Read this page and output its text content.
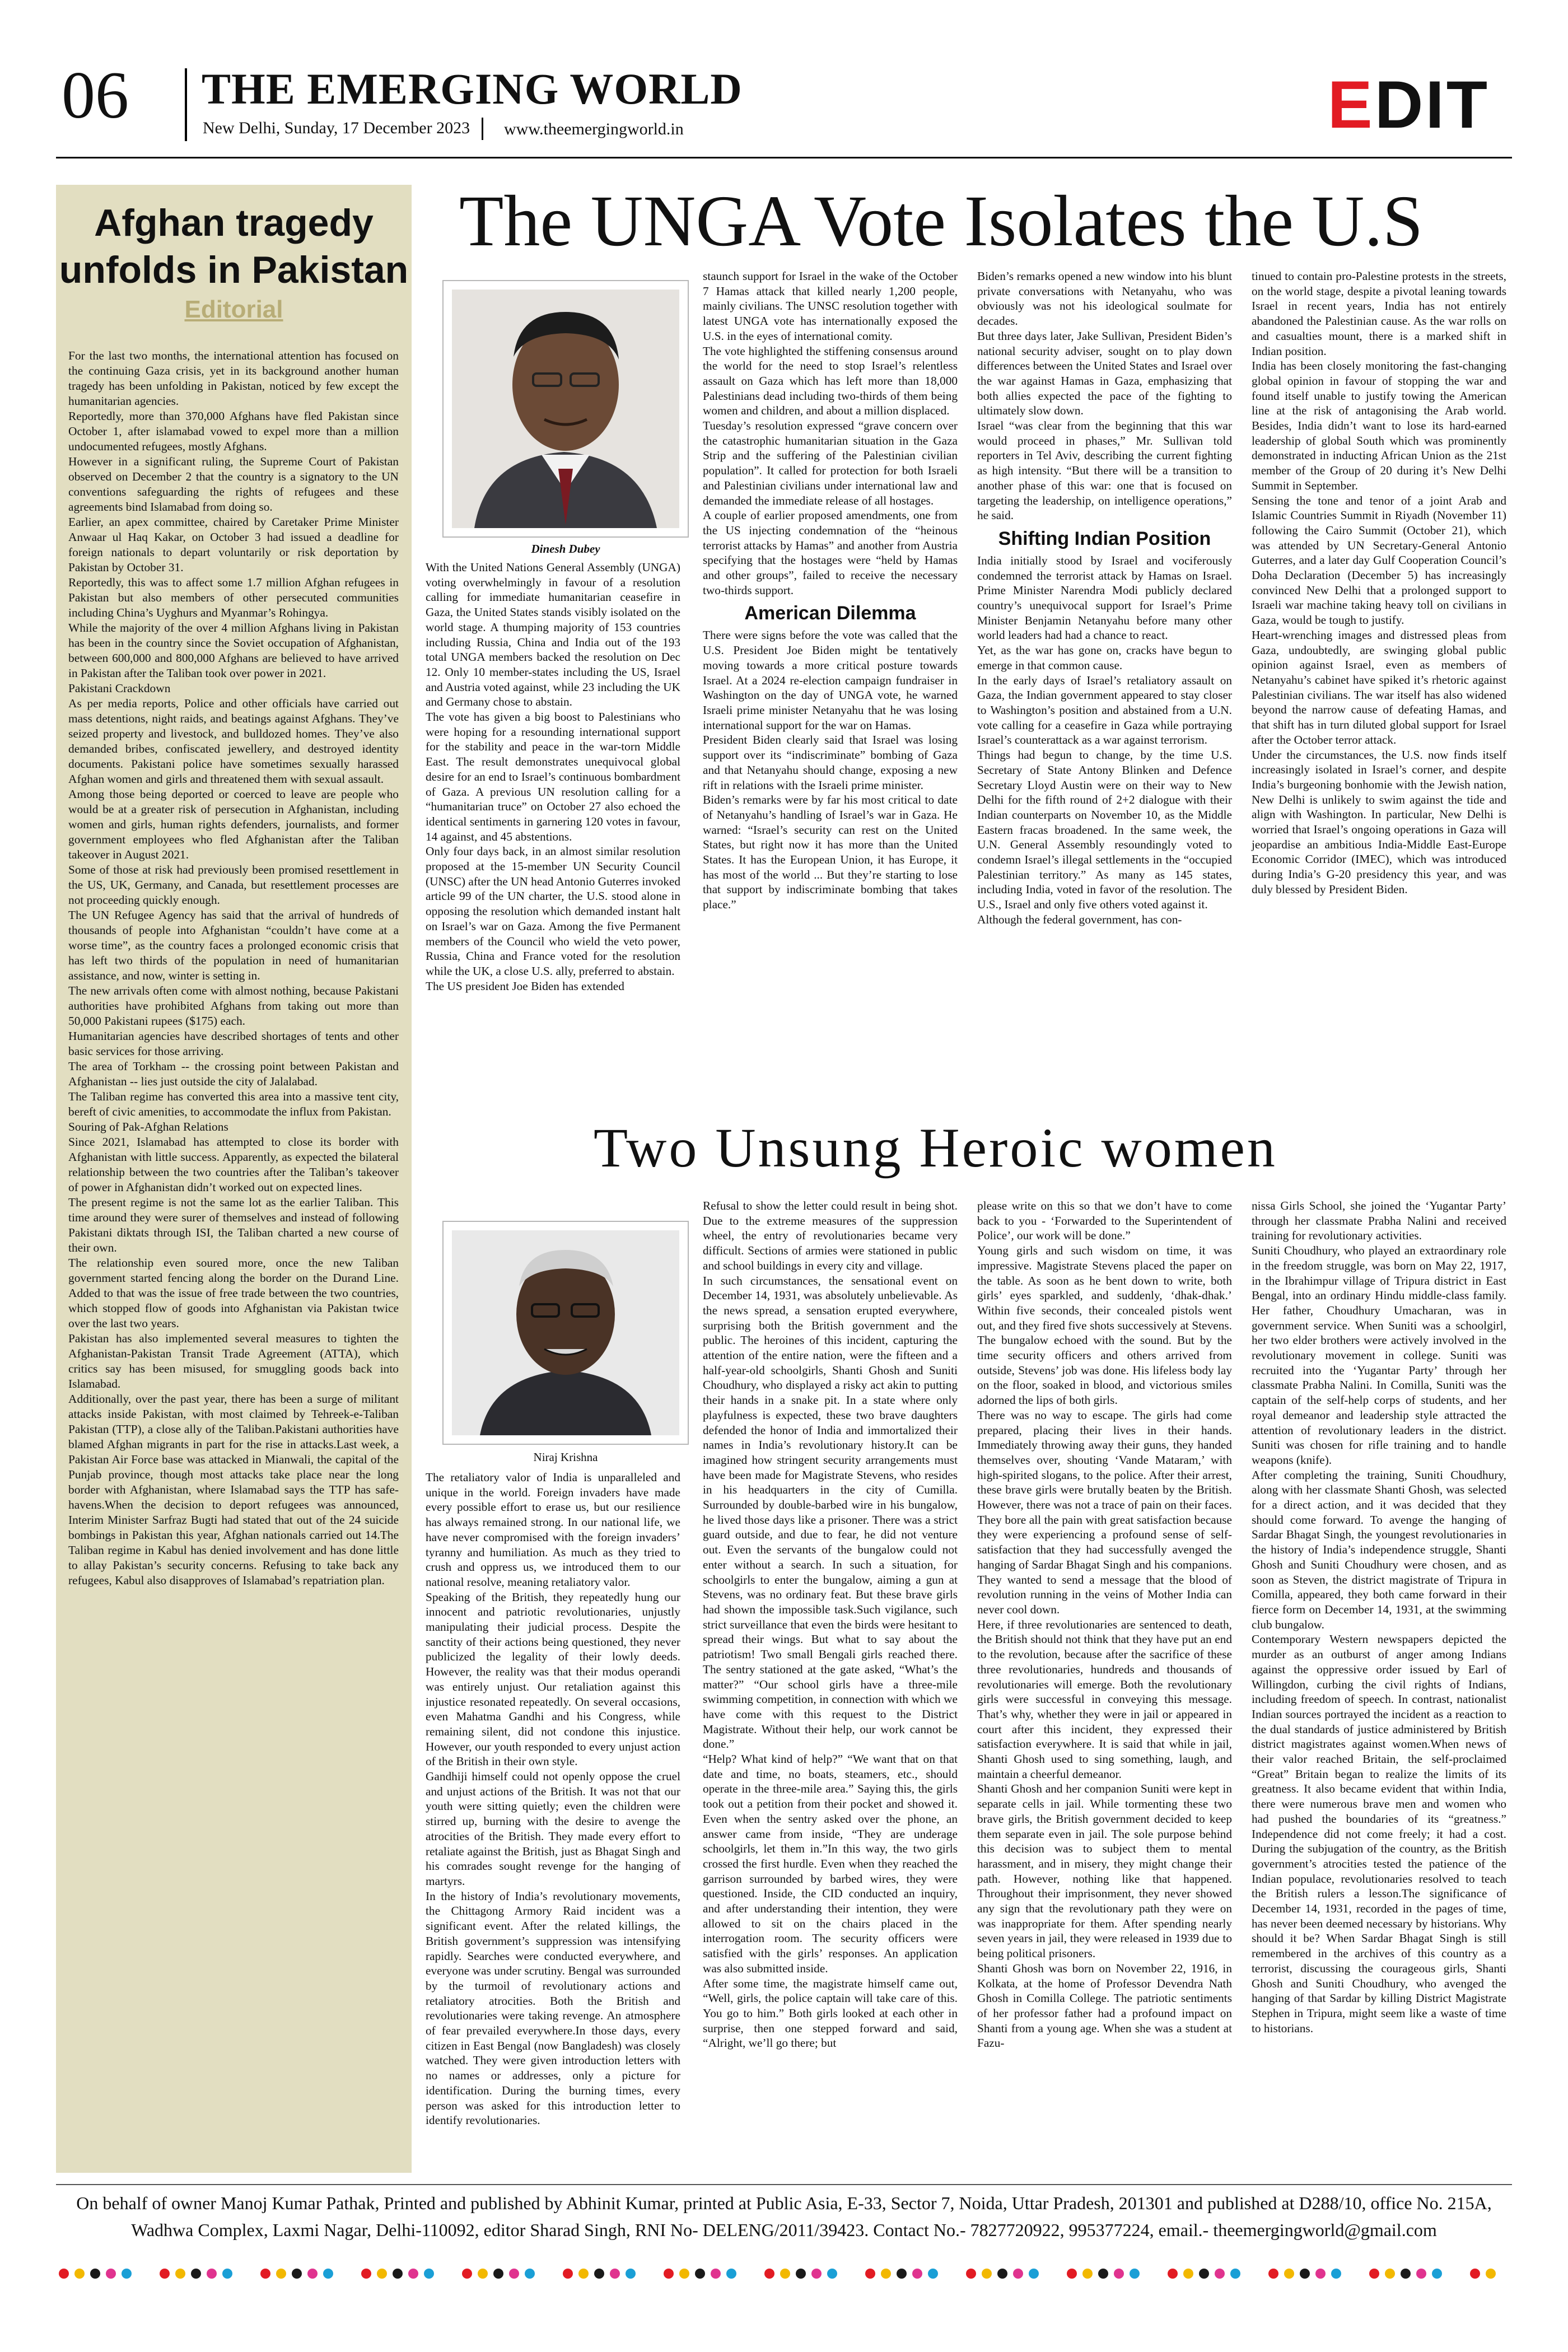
06 THE EMERGING WORLD
New Delhi, Sunday, 17 December 2023 www.theemergingworld.in	EDIT
Afghan tragedy unfolds in Pakistan
Editorial

For the last two months, the international attention has focused on the continuing Gaza crisis, yet in its background another human tragedy has been unfolding in Pakistan, noticed by few except the humanitarian agencies.

Reportedly, more than 370,000 Afghans have fled Pakistan since October 1, after islamabad vowed to expel more than a million undocumented refugees, mostly Afghans.

However in a significant ruling, the Supreme Court of Pakistan observed on December 2 that the country is a signatory to the UN conventions safeguarding the rights of refugees and these agreements bind Islamabad from doing so.

Earlier, an apex committee, chaired by Caretaker Prime Minister Anwaar ul Haq Kakar, on October 3 had issued a deadline for foreign nationals to depart voluntarily or risk deportation by Pakistan by October 31.

Reportedly, this was to affect some 1.7 million Afghan refugees in Pakistan but also members of other persecuted communities including China’s Uyghurs and Myanmar’s Rohingya.

While the majority of the over 4 million Afghans living in Pakistan has been in the country since the Soviet occupation of Afghanistan, between 600,000 and 800,000 Afghans are believed to have arrived in Pakistan after the Taliban took over power in 2021.

Pakistani Crackdown

As per media reports, Police and other officials have carried out mass detentions, night raids, and beatings against Afghans. They’ve seized property and livestock, and bulldozed homes. They’ve also demanded bribes, confiscated jewellery, and destroyed identity documents. Pakistani police have sometimes sexually harassed Afghan women and girls and threatened them with sexual assault.

Among those being deported or coerced to leave are people who would be at a greater risk of persecution in Afghanistan, including women and girls, human rights defenders, journalists, and former government employees who fled Afghanistan after the Taliban takeover in August 2021.

Some of those at risk had previously been promised resettlement in the US, UK, Germany, and Canada, but resettlement processes are not proceeding quickly enough.

The UN Refugee Agency has said that the arrival of hundreds of thousands of people into Afghanistan “couldn’t have come at a worse time”, as the country faces a prolonged economic crisis that has left two thirds of the population in need of humanitarian assistance, and now, winter is setting in.

The new arrivals often come with almost nothing, because Pakistani authorities have prohibited Afghans from taking out more than 50,000 Pakistani rupees ($175) each.

Humanitarian agencies have described shortages of tents and other basic services for those arriving.

The area of Torkham -- the crossing point between Pakistan and Afghanistan -- lies just outside the city of Jalalabad.

The Taliban regime has converted this area into a massive tent city, bereft of civic amenities, to accommodate the influx from Pakistan.

Souring of Pak-Afghan Relations

Since 2021, Islamabad has attempted to close its border with Afghanistan with little success. Apparently, as expected the bilateral relationship between the two countries after the Taliban’s takeover of power in Afghanistan didn’t worked out on expected lines.

The present regime is not the same lot as the earlier Taliban. This time around they were surer of themselves and instead of following Pakistani diktats through ISI, the Taliban charted a new course of their own.

The relationship even soured more, once the new Taliban government started fencing along the border on the Durand Line. Added to that was the issue of free trade between the two countries, which stopped flow of goods into Afghanistan via Pakistan twice over the last two years.

Pakistan has also implemented several measures to tighten the Afghanistan-Pakistan Transit Trade Agreement (ATTA), which critics say has been misused, for smuggling goods back into Islamabad.

Additionally, over the past year, there has been a surge of militant attacks inside Pakistan, with most claimed by Tehreek-e-Taliban Pakistan (TTP), a close ally of the Taliban.Pakistani authorities have blamed Afghan migrants in part for the rise in attacks.Last week, a Pakistan Air Force base was attacked in Mianwali, the capital of the Punjab province, though most attacks take place near the long border with Afghanistan, where Islamabad says the TTP has safe-havens.When the decision to deport refugees was announced, Interim Minister Sarfraz Bugti had stated that out of the 24 suicide bombings in Pakistan this year, Afghan nationals carried out 14.The Taliban regime in Kabul has denied involvement and has done little to allay Pakistan’s security concerns. Refusing to take back any refugees, Kabul also disapproves of Islamabad’s repatriation plan.

The UNGA Vote Isolates the U.S
Dinesh Dubey

With the United Nations General Assembly (UNGA) voting overwhelmingly in favour of a resolution calling for immediate humanitarian ceasefire in Gaza, the United States stands visibly isolated on the world stage. A thumping majority of 153 countries including Russia, China and India out of the 193 total UNGA members backed the resolution on Dec 12. Only 10 member-states including the US, Israel and Austria voted against, while 23 including the UK and Germany chose to abstain.

The vote has given a big boost to Palestinians who were hoping for a resounding international support for the stability and peace in the war-torn Middle East. The result demonstrates unequivocal global desire for an end to Israel’s continuous bombardment of Gaza. A previous UN resolution calling for a “humanitarian truce” on October 27 also echoed the identical sentiments in garnering 120 votes in favour, 14 against, and 45 abstentions.

Only four days back, in an almost similar resolution proposed at the 15-member UN Security Council (UNSC) after the UN head Antonio Guterres invoked article 99 of the UN charter, the U.S. stood alone in opposing the resolution which demanded instant halt on Israel’s war on Gaza. Among the five Permanent members of the Council who wield the veto power, Russia, China and France voted for the resolution while the UK, a close U.S. ally, preferred to abstain.

The US president Joe Biden has extended

staunch support for Israel in the wake of the October 7 Hamas attack that killed nearly 1,200 people, mainly civilians. The UNSC resolution together with latest UNGA vote has internationally exposed the U.S. in the eyes of international comity.

The vote highlighted the stiffening consensus around the world for the need to stop Israel’s relentless assault on Gaza which has left more than 18,000 Palestinians dead including two-thirds of them being women and children, and about a million displaced.

Tuesday’s resolution expressed “grave concern over the catastrophic humanitarian situation in the Gaza Strip and the suffering of the Palestinian civilian population”. It called for protection for both Israeli and Palestinian civilians under international law and demanded the immediate release of all hostages.

A couple of earlier proposed amendments, one from the US injecting condemnation of the “heinous terrorist attacks by Hamas” and another from Austria specifying that the hostages were “held by Hamas and other groups”, failed to receive the necessary two-thirds support.

American Dilemma

There were signs before the vote was called that the U.S. President Joe Biden might be tentatively moving towards a more critical posture towards Israel. At a 2024 re-election campaign fundraiser in Washington on the day of UNGA vote, he warned Israeli prime minister Netanyahu that he was losing international support for the war on Hamas.

President Biden clearly said that Israel was losing support over its “indiscriminate” bombing of Gaza and that Netanyahu should change, exposing a new rift in relations with the Israeli prime minister.

Biden’s remarks were by far his most critical to date of Netanyahu’s handling of Israel’s war in Gaza. He warned: “Israel’s security can rest on the United States, but right now it has more than the United States. It has the European Union, it has Europe, it has most of the world ... But they’re starting to lose that support by indiscriminate bombing that takes place.”

Biden’s remarks opened a new window into his blunt private conversations with Netanyahu, who was obviously was not his ideological soulmate for decades.

But three days later, Jake Sullivan, President Biden’s national security adviser, sought on to play down differences between the United States and Israel over the war against Hamas in Gaza, emphasizing that both allies expected the pace of the fighting to ultimately slow down.

Israel “was clear from the beginning that this war would proceed in phases,” Mr. Sullivan told reporters in Tel Aviv, describing the current fighting as high intensity. “But there will be a transition to another phase of this war: one that is focused on targeting the leadership, on intelligence operations,” he said.

Shifting Indian Position

India initially stood by Israel and vociferously condemned the terrorist attack by Hamas on Israel. Prime Minister Narendra Modi publicly declared country’s unequivocal support for Israel’s Prime Minister Benjamin Netanyahu before many other world leaders had had a chance to react.

Yet, as the war has gone on, cracks have begun to emerge in that common cause.

In the early days of Israel’s retaliatory assault on Gaza, the Indian government appeared to stay closer to Washington’s position and abstained from a U.N. vote calling for a ceasefire in Gaza while portraying Israel’s counterattack as a war against terrorism.

Things had begun to change, by the time U.S. Secretary of State Antony Blinken and Defence Secretary Lloyd Austin were on their way to New Delhi for the fifth round of 2+2 dialogue with their Indian counterparts on November 10, as the Middle Eastern fracas broadened. In the same week, the U.N. General Assembly resoundingly voted to condemn Israel’s illegal settlements in the “occupied Palestinian territory.” As many as 145 states, including India, voted in favor of the resolution. The U.S., Israel and only five others voted against it.

Although the federal government, has con-

tinued to contain pro-Palestine protests in the streets, on the world stage, despite a pivotal leaning towards Israel in recent years, India has not entirely abandoned the Palestinian cause. As the war rolls on and casualties mount, there is a marked shift in Indian position.

India has been closely monitoring the fast-changing global opinion in favour of stopping the war and found itself unable to justify towing the American line at the risk of antagonising the Arab world. Besides, India didn’t want to lose its hard-earned leadership of global South which was prominently demonstrated in inducting African Union as the 21st member of the Group of 20 during it’s New Delhi Summit in September.

Sensing the tone and tenor of a joint Arab and Islamic Countries Summit in Riyadh (November 11) following the Cairo Summit (October 21), which was attended by UN Secretary-General Antonio Guterres, and a later day Gulf Cooperation Council’s Doha Declaration (December 5) has increasingly convinced New Delhi that a prolonged support to Israeli war machine taking heavy toll on civilians in Gaza, would be tough to justify.

Heart-wrenching images and distressed pleas from Gaza, undoubtedly, are swinging global public opinion against Israel, even as members of Netanyahu’s cabinet have spiked it’s rhetoric against Palestinian civilians. The war itself has also widened beyond the narrow cause of defeating Hamas, and that shift has in turn diluted global support for Israel after the October terror attack.

Under the circumstances, the U.S. now finds itself increasingly isolated in Israel’s corner, and despite India’s burgeoning bonhomie with the Jewish nation, New Delhi is unlikely to swim against the tide and align with Washington. In particular, New Delhi is worried that Israel’s ongoing operations in Gaza will jeopardise an ambitious India-Middle East-Europe Economic Corridor (IMEC), which was introduced during India’s G-20 presidency this year, and was duly blessed by President Biden.

Two Unsung Heroic women
Niraj Krishna

The retaliatory valor of India is unparalleled and unique in the world. Foreign invaders have made every possible effort to erase us, but our resilience has always remained strong. In our national life, we have never compromised with the foreign invaders’ tyranny and humiliation. As much as they tried to crush and oppress us, we introduced them to our national resolve, meaning retaliatory valor.

Speaking of the British, they repeatedly hung our innocent and patriotic revolutionaries, unjustly manipulating their judicial process. Despite the sanctity of their actions being questioned, they never publicized the legality of their lowly deeds. However, the reality was that their modus operandi was entirely unjust. Our retaliation against this injustice resonated repeatedly. On several occasions, even Mahatma Gandhi and his Congress, while remaining silent, did not condone this injustice. However, our youth responded to every unjust action of the British in their own style.

Gandhiji himself could not openly oppose the cruel and unjust actions of the British. It was not that our youth were sitting quietly; even the children were stirred up, burning with the desire to avenge the atrocities of the British. They made every effort to retaliate against the British, just as Bhagat Singh and his comrades sought revenge for the hanging of martyrs.

In the history of India’s revolutionary movements, the Chittagong Armory Raid incident was a significant event. After the related killings, the British government’s suppression was intensifying rapidly. Searches were conducted everywhere, and everyone was under scrutiny. Bengal was surrounded by the turmoil of revolutionary actions and retaliatory atrocities. Both the British and revolutionaries were taking revenge. An atmosphere of fear prevailed everywhere.In those days, every citizen in East Bengal (now Bangladesh) was closely watched. They were given introduction letters with no names or addresses, only a picture for identification. During the burning times, every person was asked for this introduction letter to identify revolutionaries.

Refusal to show the letter could result in being shot. Due to the extreme measures of the suppression wheel, the entry of revolutionaries became very difficult. Sections of armies were stationed in public and school buildings in every city and village.

In such circumstances, the sensational event on December 14, 1931, was absolutely unbelievable. As the news spread, a sensation erupted everywhere, surprising both the British government and the public. The heroines of this incident, capturing the attention of the entire nation, were the fifteen and a half-year-old schoolgirls, Shanti Ghosh and Suniti Choudhury, who displayed a risky act akin to putting their hands in a snake pit. In a state where only playfulness is expected, these two brave daughters defended the honor of India and immortalized their names in India’s revolutionary history.It can be imagined how stringent security arrangements must have been made for Magistrate Stevens, who resides in his headquarters in the city of Cumilla. Surrounded by double-barbed wire in his bungalow, he lived those days like a prisoner. There was a strict guard outside, and due to fear, he did not venture out. Even the servants of the bungalow could not enter without a search. In such a situation, for schoolgirls to enter the bungalow, aiming a gun at Stevens, was no ordinary feat. But these brave girls had shown the impossible task.Such vigilance, such strict surveillance that even the birds were hesitant to spread their wings. But what to say about the patriotism! Two small Bengali girls reached there. The sentry stationed at the gate asked, “What’s the matter?” “Our school girls have a three-mile swimming competition, in connection with which we have come with this request to the District Magistrate. Without their help, our work cannot be done.”

“Help? What kind of help?” “We want that on that date and time, no boats, steamers, etc., should operate in the three-mile area.” Saying this, the girls took out a petition from their pocket and showed it. Even when the sentry asked over the phone, an answer came from inside, “They are underage schoolgirls, let them in.”In this way, the two girls crossed the first hurdle. Even when they reached the garrison surrounded by barbed wires, they were questioned. Inside, the CID conducted an inquiry, and after understanding their intention, they were allowed to sit on the chairs placed in the interrogation room. The security officers were satisfied with the girls’ responses. An application was also submitted inside.

After some time, the magistrate himself came out, “Well, girls, the police captain will take care of this. You go to him.” Both girls looked at each other in surprise, then one stepped forward and said, “Alright, we’ll go there; but

please write on this so that we don’t have to come back to you - ‘Forwarded to the Superintendent of Police’, our work will be done.”

Young girls and such wisdom on time, it was impressive. Magistrate Stevens placed the paper on the table. As soon as he bent down to write, both girls’ eyes sparkled, and suddenly, ‘dhak-dhak.’ Within five seconds, their concealed pistols went out, and they fired five shots successively at Stevens. The bungalow echoed with the sound. But by the time security officers and others arrived from outside, Stevens’ job was done. His lifeless body lay on the floor, soaked in blood, and victorious smiles adorned the lips of both girls.

There was no way to escape. The girls had come prepared, placing their lives in their hands. Immediately throwing away their guns, they handed themselves over, shouting ‘Vande Mataram,’ with high-spirited slogans, to the police. After their arrest, these brave girls were brutally beaten by the British. However, there was not a trace of pain on their faces. They bore all the pain with great satisfaction because they were experiencing a profound sense of self-satisfaction that they had successfully avenged the hanging of Sardar Bhagat Singh and his companions. They wanted to send a message that the blood of revolution running in the veins of Mother India can never cool down.

Here, if three revolutionaries are sentenced to death, the British should not think that they have put an end to the revolution, because after the sacrifice of these three revolutionaries, hundreds and thousands of revolutionaries will emerge. Both the revolutionary girls were successful in conveying this message. That’s why, whether they were in jail or appeared in court after this incident, they expressed their satisfaction everywhere. It is said that while in jail, Shanti Ghosh used to sing something, laugh, and maintain a cheerful demeanor.

Shanti Ghosh and her companion Suniti were kept in separate cells in jail. While tormenting these two brave girls, the British government decided to keep them separate even in jail. The sole purpose behind this decision was to subject them to mental harassment, and in misery, they might change their path. However, nothing like that happened. Throughout their imprisonment, they never showed any sign that the revolutionary path they were on was inappropriate for them. After spending nearly seven years in jail, they were released in 1939 due to being political prisoners.

Shanti Ghosh was born on November 22, 1916, in Kolkata, at the home of Professor Devendra Nath Ghosh in Comilla College. The patriotic sentiments of her professor father had a profound impact on Shanti from a young age. When she was a student at Fazu-

nissa Girls School, she joined the ‘Yugantar Party’ through her classmate Prabha Nalini and received training for revolutionary activities.

Suniti Choudhury, who played an extraordinary role in the freedom struggle, was born on May 22, 1917, in the Ibrahimpur village of Tripura district in East Bengal, into an ordinary Hindu middle-class family. Her father, Choudhury Umacharan, was in government service. When Suniti was a schoolgirl, her two elder brothers were actively involved in the revolutionary movement in college. Suniti was recruited into the ‘Yugantar Party’ through her classmate Prabha Nalini. In Comilla, Suniti was the captain of the self-help corps of students, and her royal demeanor and leadership style attracted the attention of revolutionary leaders in the district. Suniti was chosen for rifle training and to handle weapons (knife).

After completing the training, Suniti Choudhury, along with her classmate Shanti Ghosh, was selected for a direct action, and it was decided that they should come forward. To avenge the hanging of Sardar Bhagat Singh, the youngest revolutionaries in the history of India’s independence struggle, Shanti Ghosh and Suniti Choudhury were chosen, and as soon as Steven, the district magistrate of Tripura in Comilla, appeared, they both came forward in their fierce form on December 14, 1931, at the swimming club bungalow.

Contemporary Western newspapers depicted the murder as an outburst of anger among Indians against the oppressive order issued by Earl of Willingdon, curbing the civil rights of Indians, including freedom of speech. In contrast, nationalist Indian sources portrayed the incident as a reaction to the dual standards of justice administered by British district magistrates against women.When news of their valor reached Britain, the self-proclaimed “Great” Britain began to realize the limits of its greatness. It also became evident that within India, there were numerous brave men and women who had pushed the boundaries of its “greatness.” Independence did not come freely; it had a cost. During the subjugation of the country, as the British government’s atrocities tested the patience of the Indian populace, revolutionaries resolved to teach the British rulers a lesson.The significance of December 14, 1931, recorded in the pages of time, has never been deemed necessary by historians. Why should it be? When Sardar Bhagat Singh is still remembered in the archives of this country as a terrorist, discussing the courageous girls, Shanti Ghosh and Suniti Choudhury, who avenged the hanging of that Sardar by killing District Magistrate Stephen in Tripura, might seem like a waste of time to historians.

On behalf of owner Manoj Kumar Pathak, Printed and published by Abhinit Kumar, printed at Public Asia, E-33, Sector 7, Noida, Uttar Pradesh, 201301 and published at D288/10, office No. 215A, Wadhwa Complex, Laxmi Nagar, Delhi-110092, editor Sharad Singh, RNI No- DELENG/2011/39423. Contact No.- 7827720922, 995377224, email.- theemergingworld@gmail.com
